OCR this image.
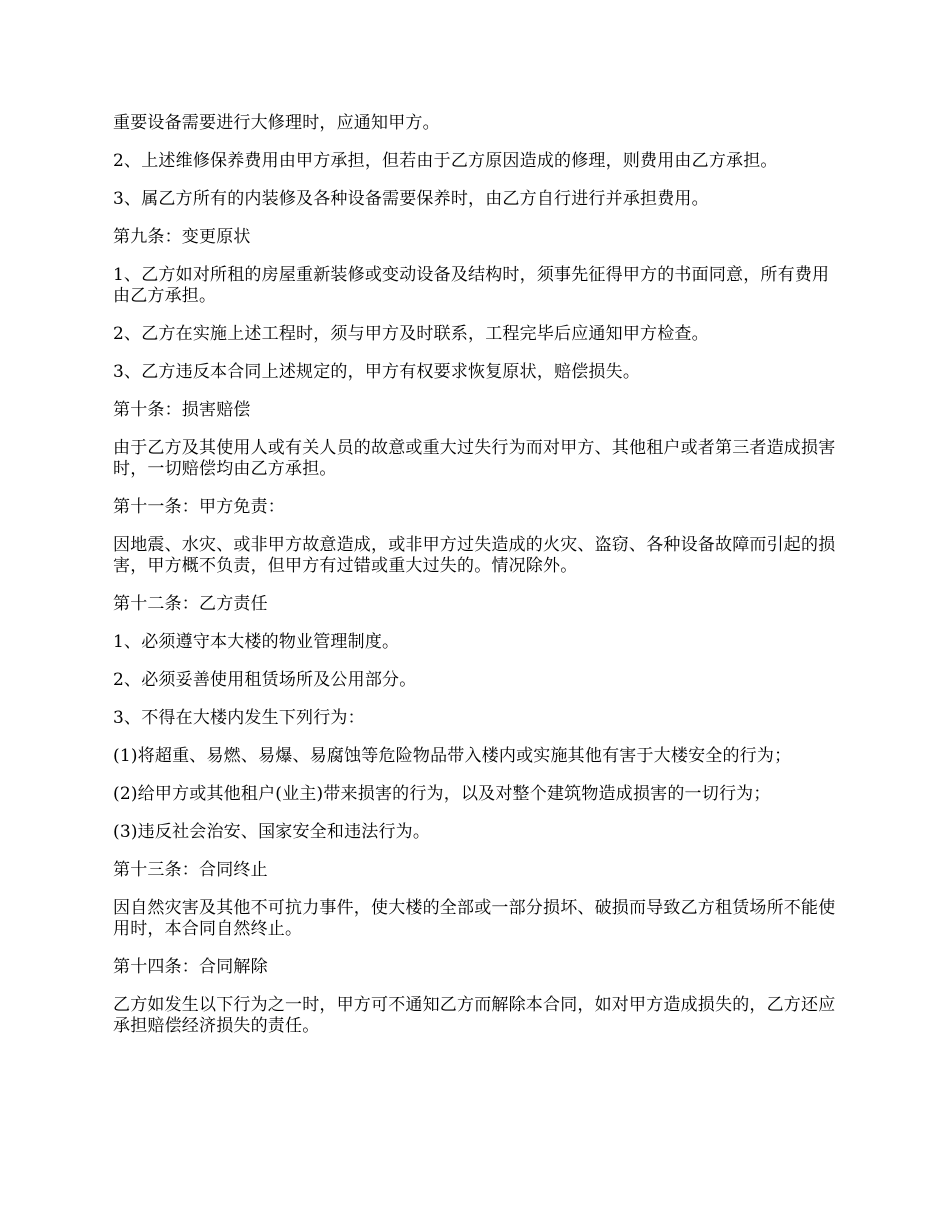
重要设备需要进行大修理时，应通知甲方。

2、上述维修保养费用由甲方承担，但若由于乙方原因造成的修理，则费用由乙方承担。

3、属乙方所有的内装修及各种设备需要保养时，由乙方自行进行并承担费用。

第九条：变更原状

1、乙方如对所租的房屋重新装修或变动设备及结构时，须事先征得甲方的书面同意，所有费用由乙方承担。

2、乙方在实施上述工程时，须与甲方及时联系，工程完毕后应通知甲方检查。

3、乙方违反本合同上述规定的，甲方有权要求恢复原状，赔偿损失。

第十条：损害赔偿

由于乙方及其使用人或有关人员的故意或重大过失行为而对甲方、其他租户或者第三者造成损害时，一切赔偿均由乙方承担。

第十一条：甲方免责：

因地震、水灾、或非甲方故意造成，或非甲方过失造成的火灾、盗窃、各种设备故障而引起的损害，甲方概不负责，但甲方有过错或重大过失的。情况除外。

第十二条：乙方责任

1、必须遵守本大楼的物业管理制度。

2、必须妥善使用租赁场所及公用部分。

3、不得在大楼内发生下列行为：

(1)将超重、易燃、易爆、易腐蚀等危险物品带入楼内或实施其他有害于大楼安全的行为；

(2)给甲方或其他租户(业主)带来损害的行为，以及对整个建筑物造成损害的一切行为；

(3)违反社会治安、国家安全和违法行为。

第十三条：合同终止

因自然灾害及其他不可抗力事件，使大楼的全部或一部分损坏、破损而导致乙方租赁场所不能使用时，本合同自然终止。

第十四条：合同解除

乙方如发生以下行为之一时，甲方可不通知乙方而解除本合同，如对甲方造成损失的，乙方还应承担赔偿经济损失的责任。
